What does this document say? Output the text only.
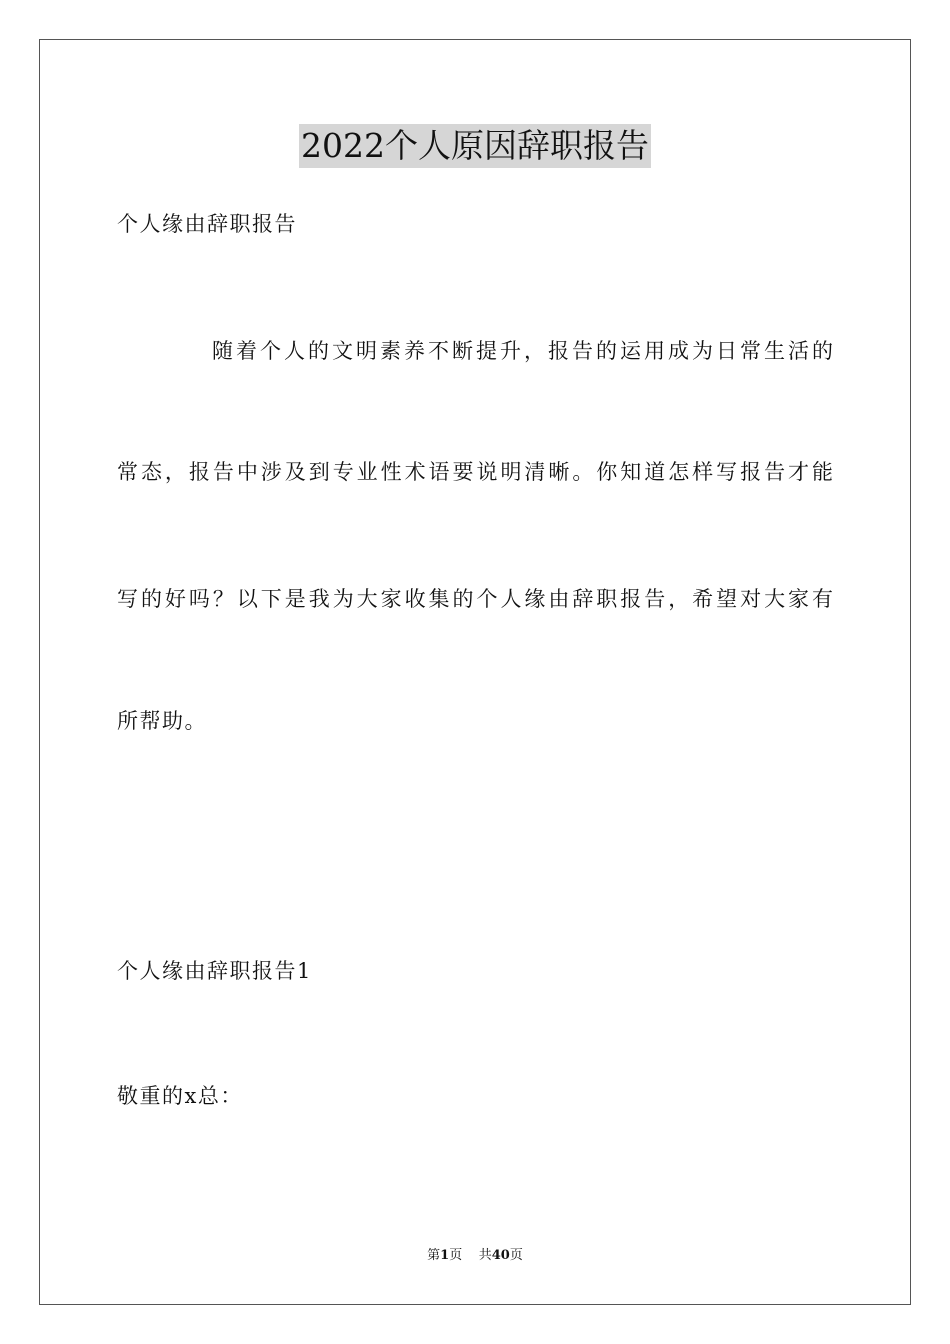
2022个人原因辞职报告
个人缘由辞职报告
随着个人的文明素养不断提升，报告的运用成为日常生活的
常态，报告中涉及到专业性术语要说明清晰。你知道怎样写报告才能
写的好吗？以下是我为大家收集的个人缘由辞职报告，希望对大家有
所帮助。
个人缘由辞职报告1
敬重的x总：
第1页 共40页
